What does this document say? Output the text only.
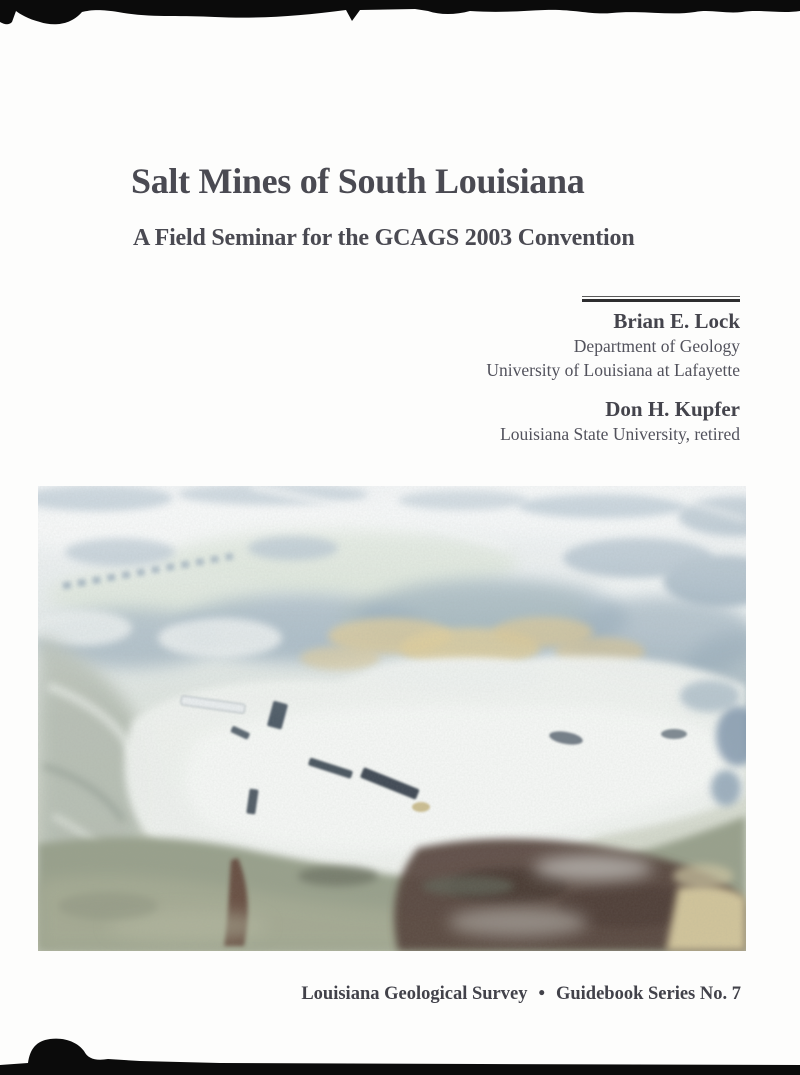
Salt Mines of South Louisiana
A Field Seminar for the GCAGS 2003 Convention
Brian E. Lock
Department of Geology
University of Louisiana at Lafayette
Don H. Kupfer
Louisiana State University, retired
Louisiana Geological Survey • Guidebook Series No. 7
